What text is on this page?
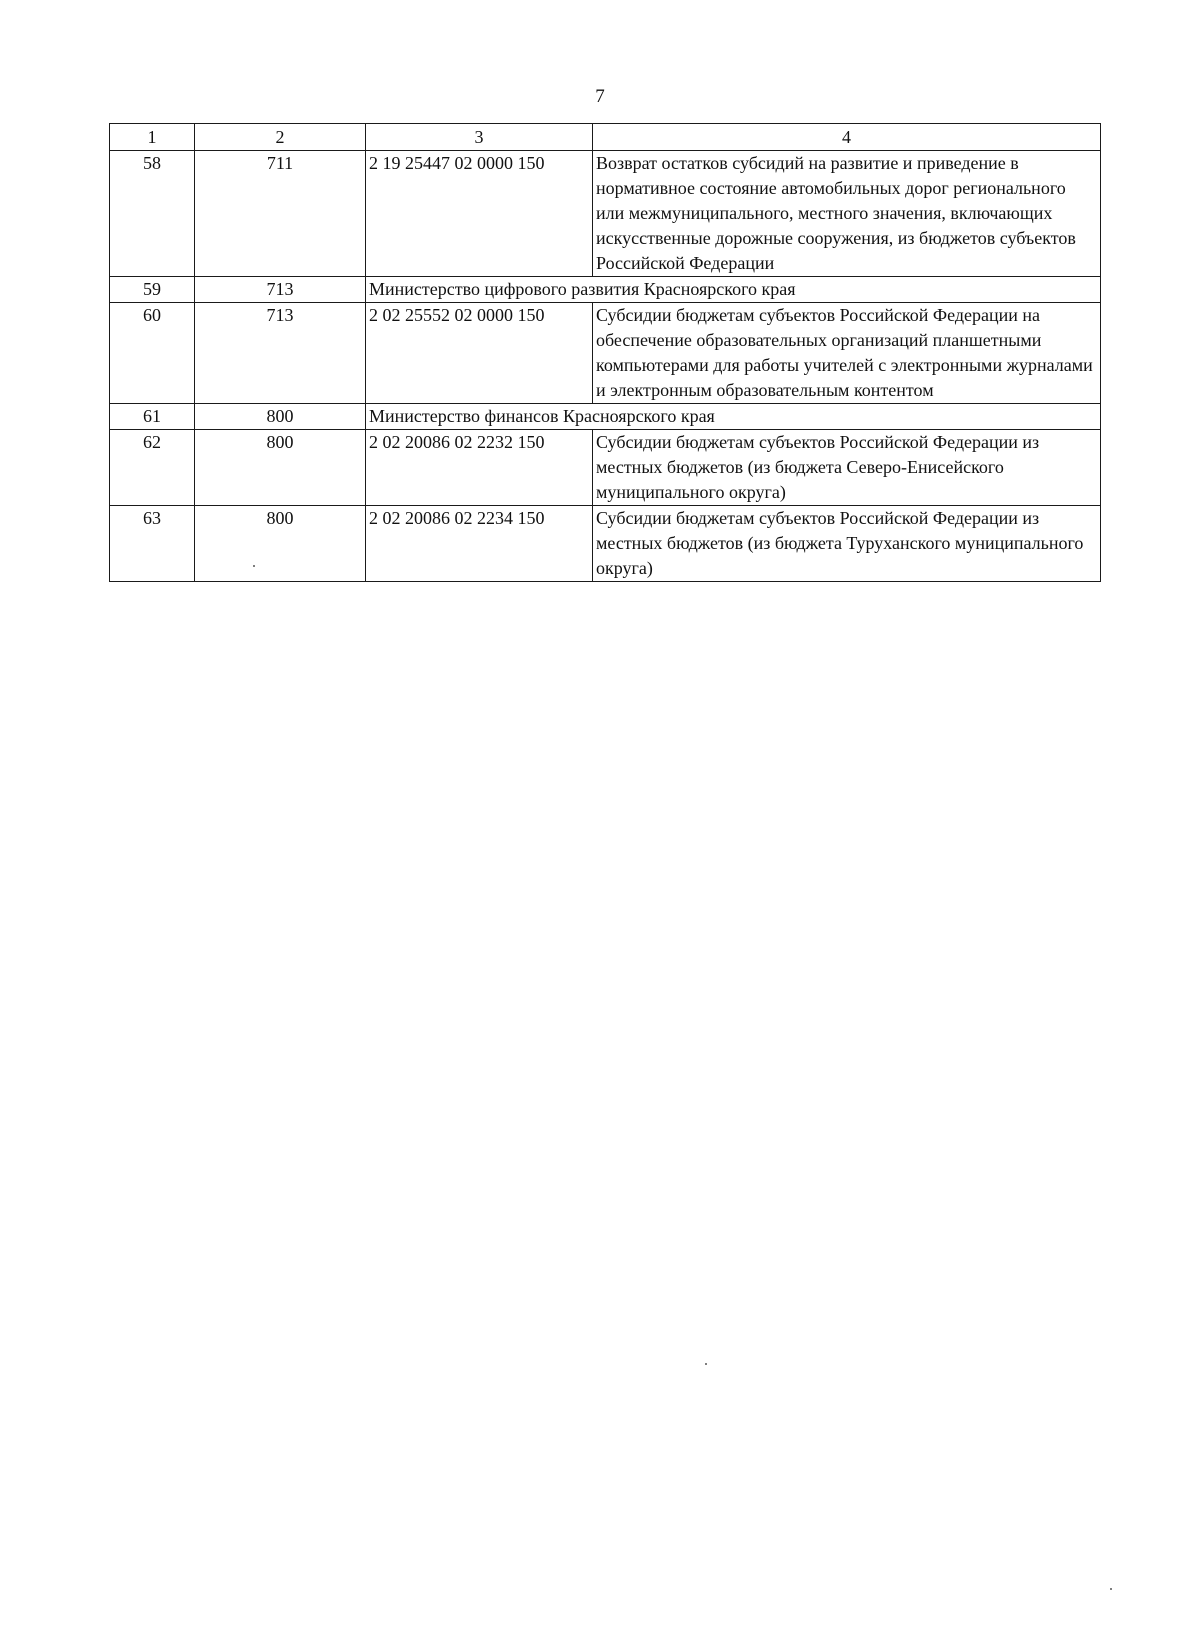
7
1	2	3	4
58	711	2 19 25447 02 0000 150	Возврат остатков субсидий на развитие и приведение в нормативное состояние автомобильных дорог регионального или межмуниципального, местного значения, включающих искусственные дорожные сооружения, из бюджетов субъектов Российской Федерации
59	713	Министерство цифрового развития Красноярского края	
60	713	2 02 25552 02 0000 150	Субсидии бюджетам субъектов Российской Федерации на обеспечение образовательных организаций планшетными компьютерами для работы учителей с электронными журналами и электронным образовательным контентом
61	800	Министерство финансов Красноярского края	
62	800	2 02 20086 02 2232 150	Субсидии бюджетам субъектов Российской Федерации из местных бюджетов (из бюджета Северо-Енисейского муниципального округа)
63	800	2 02 20086 02 2234 150	Субсидии бюджетам субъектов Российской Федерации из местных бюджетов (из бюджета Туруханского муниципального округа)
